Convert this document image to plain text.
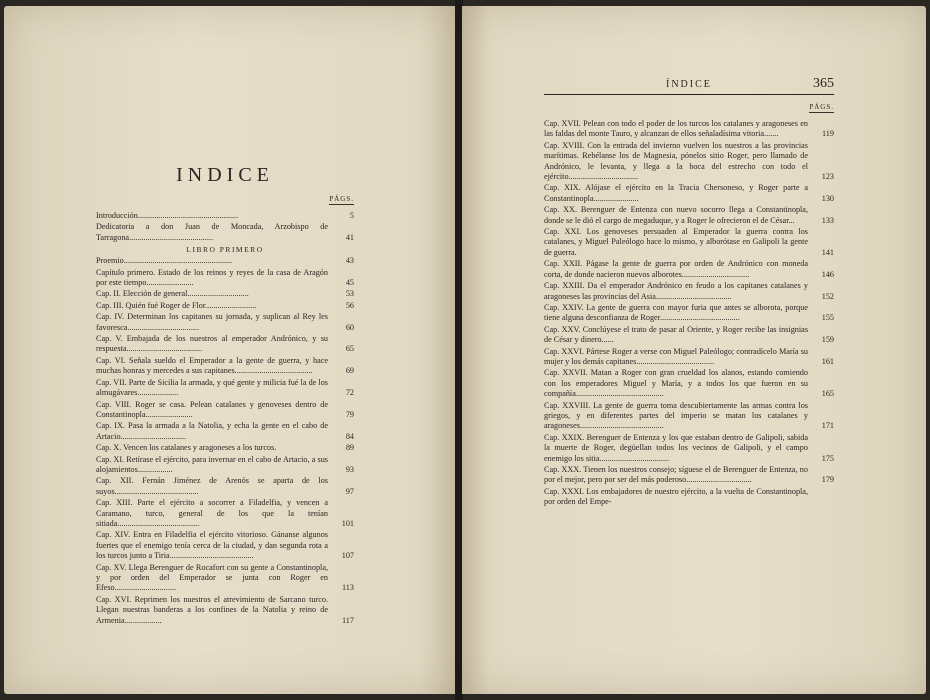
INDICE
PÁGS.
Introducción.................................................	5
Dedicatoria a don Juan de Moncada, Arzobispo de Tarragona.........................................	41
LIBRO PRIMERO
Proemio.....................................................	43
Capítulo primero. Estado de los reinos y reyes de la casa de Aragón por este tiempo.......................	45
Cap. II. Elección de general..............................	53
Cap. III. Quién fué Roger de Flor.........................	56
Cap. IV. Determinan los capitanes su jornada, y suplican al Rey les favoresca...................................	60
Cap. V. Embajada de los nuestros al emperador Andrónico, y su respuesta.....................................	65
Cap. VI. Señala sueldo el Emperador a la gente de guerra, y hace muchas honras y mercedes a sus capitanes......................................	69
Cap. VII. Parte de Sicilia la armada, y qué gente y milicia fué la de los almugávares....................	72
Cap. VIII. Roger se casa. Pelean catalanes y genoveses dentro de Constantinopla.......................	79
Cap. IX. Pasa la armada a la Natolia, y echa la gente en el cabo de Artacio................................	84
Cap. X. Vencen los catalanes y aragoneses a los turcos.	89
Cap. XI. Retírase el ejército, para invernar en el cabo de Artacio, a sus alojamientos.................	93
Cap. XII. Fernán Jiménez de Arenós se aparta de los suyos.........................................	97
Cap. XIII. Parte el ejército a socorrer a Filadelfia, y vencen a Caramano, turco, general de los que la tenían sitiada........................................	101
Cap. XIV. Entra en Filadelfia el ejército vitorioso. Gánanse algunos fuertes que el enemigo tenía cerca de la ciudad, y dan segunda rota a los turcos junto a Tiria.........................................	107
Cap. XV. Llega Berenguer de Rocafort con su gente a Constantinopla, y por orden del Emperador se junta con Roger en Efeso..............................	113
Cap. XVI. Reprimen los nuestros el atrevimiento de Sarcano turco. Llegan nuestras banderas a los confines de la Natolia y reino de Armenia..................	117
ÍNDICE	365
PÁGS.
Cap. XVII. Pelean con todo el poder de los turcos los catalanes y aragoneses en las faldas del monte Tauro, y alcanzan de ellos señaladísima vitoria.......	119
Cap. XVIII. Con la entrada del invierno vuelven los nuestros a las provincias marítimas. Rebélanse los de Magnesia, pónelos sitio Roger, pero llamado de Andrónico, le levanta, y llega a la boca del estrecho con todo el ejército..................................	123
Cap. XIX. Alójase el ejército en la Tracia Chersoneso, y Roger parte a Constantinopla......................	130
Cap. XX. Berenguer de Entenza con nuevo socorro llega a Constantinopla, donde se le dió el cargo de megaduque, y a Roger le ofrecieron el de César...	133
Cap. XXI. Los genoveses persuaden al Emperador la guerra contra los catalanes, y Miguel Paleólogo hace lo mismo, y alborótase en Galipoli la gente de guerra.	141
Cap. XXII. Págase la gente de guerra por orden de Andrónico con moneda corta, de donde nacieron nuevos alborotes.................................	146
Cap. XXIII. Da el emperador Andrónico en feudo a los capitanes catalanes y aragoneses las provincias del Asia.....................................	152
Cap. XXIV. La gente de guerra con mayor furia que antes se alborota, porque tiene alguna desconfianza de Roger.......................................	155
Cap. XXV. Conclúyese el trato de pasar al Oriente, y Roger recibe las insignias de César y dinero......	159
Cap. XXVI. Pártese Roger a verse con Miguel Paleólogo; contradícelo María su mujer y los demás capitanes......................................	161
Cap. XXVII. Matan a Roger con gran crueldad los alanos, estando comiendo con los emperadores Miguel y María, y a todos los que fueron en su compañía...........................................	165
Cap. XXVIII. La gente de guerra toma descubiertamente las armas contra los griegos, y en diferentes partes del imperio se matan los catalanes y aragoneses.........................................	171
Cap. XXIX. Berenguer de Entenza y los que estaban dentro de Galipoli, sabida la muerte de Roger, degüellan todos los vecinos de Galipoli, y el campo enemigo los sitia..................................	175
Cap. XXX. Tienen los nuestros consejo; síguese el de Berenguer de Entenza, no por el mejor, pero por ser del más poderoso................................	179
Cap. XXXI. Los embajadores de nuestro ejército, a la vuelta de Constantinopla, por orden del Empe-
